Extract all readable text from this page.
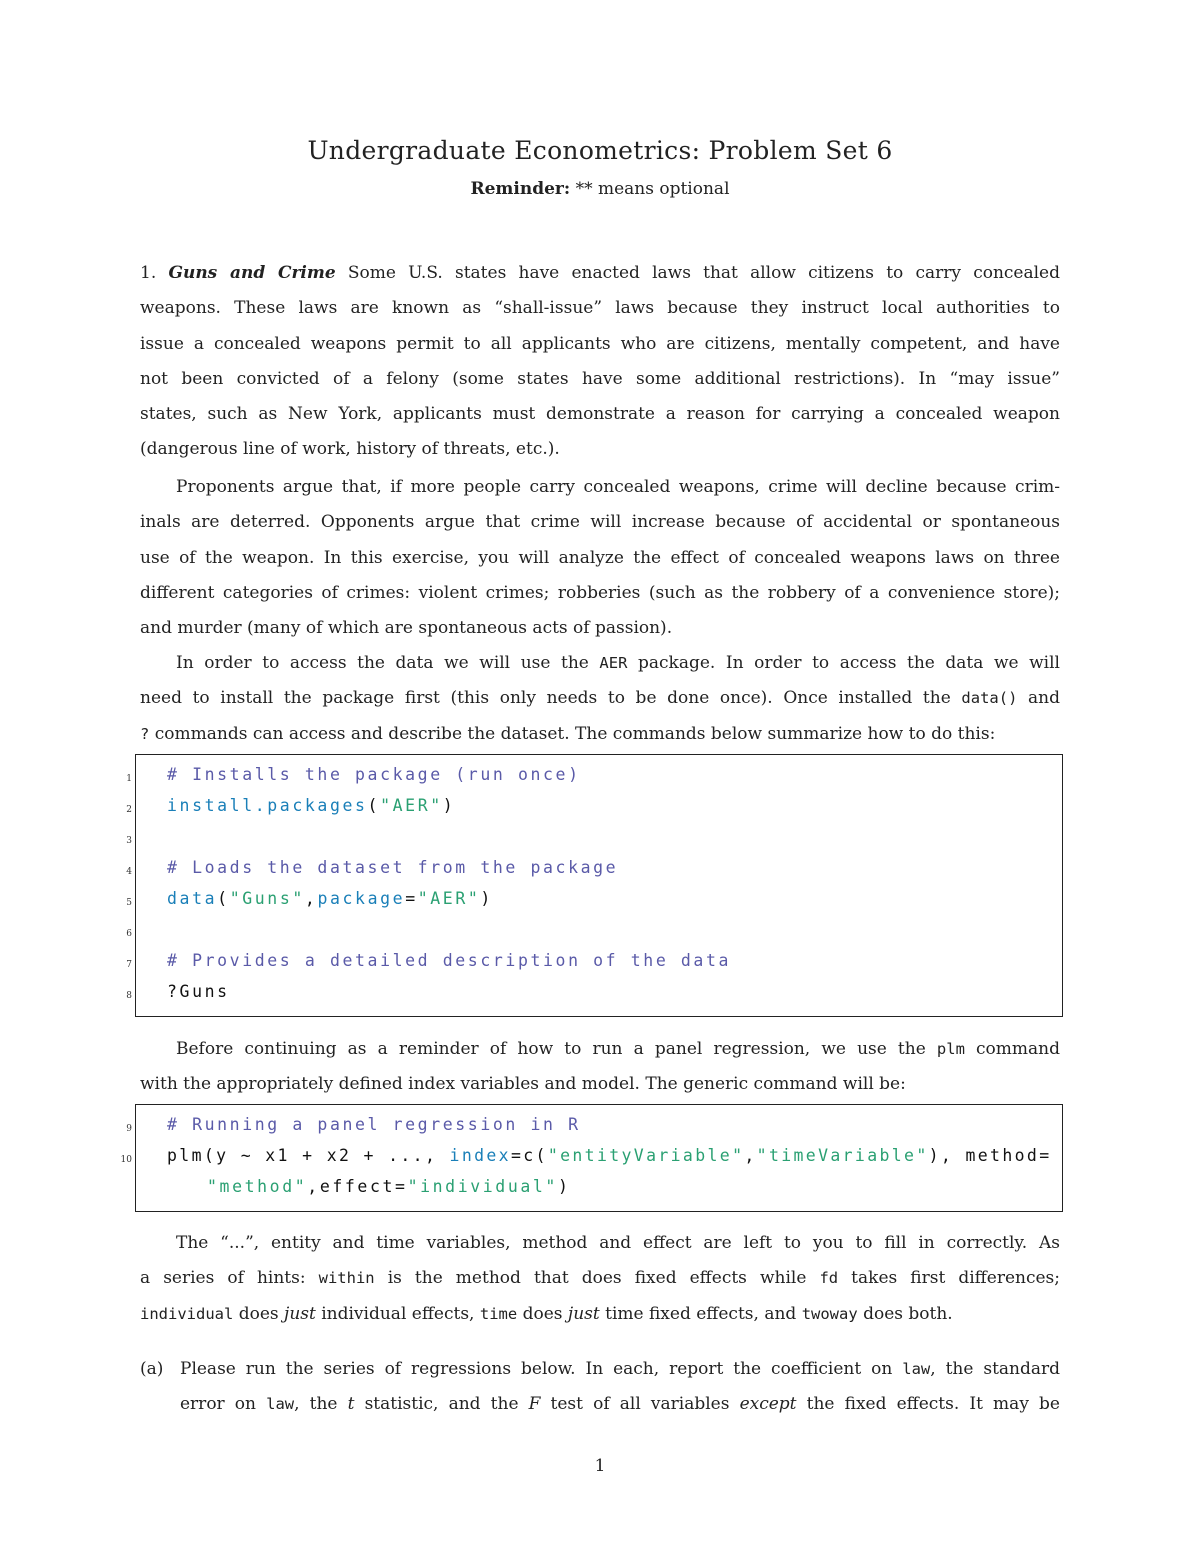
Undergraduate Econometrics: Problem Set 6
Reminder: ** means optional
1. Guns and Crime Some U.S. states have enacted laws that allow citizens to carry concealed
weapons. These laws are known as “shall-issue” laws because they instruct local authorities to
issue a concealed weapons permit to all applicants who are citizens, mentally competent, and have
not been convicted of a felony (some states have some additional restrictions). In “may issue”
states, such as New York, applicants must demonstrate a reason for carrying a concealed weapon
(dangerous line of work, history of threats, etc.).
Proponents argue that, if more people carry concealed weapons, crime will decline because crim-
inals are deterred. Opponents argue that crime will increase because of accidental or spontaneous
use of the weapon. In this exercise, you will analyze the effect of concealed weapons laws on three
different categories of crimes: violent crimes; robberies (such as the robbery of a convenience store);
and murder (many of which are spontaneous acts of passion).
In order to access the data we will use the AER package. In order to access the data we will
need to install the package first (this only needs to be done once). Once installed the data() and
? commands can access and describe the dataset. The commands below summarize how to do this:
1
2
3
4
5
6
7
8
# Installs the package (run once)
install.packages("AER")
# Loads the dataset from the package
data("Guns",package="AER")
# Provides a detailed description of the data
?Guns
Before continuing as a reminder of how to run a panel regression, we use the plm command
with the appropriately defined index variables and model. The generic command will be:
9
10
# Running a panel regression in R
plm(y ~ x1 + x2 + ..., index=c("entityVariable","timeVariable"), method=
"method",effect="individual")
The “...”, entity and time variables, method and effect are left to you to fill in correctly. As
a series of hints: within is the method that does fixed effects while fd takes first differences;
individual does just individual effects, time does just time fixed effects, and twoway does both.
(a) Please run the series of regressions below. In each, report the coefficient on law, the standard
error on law, the t statistic, and the F test of all variables except the fixed effects. It may be
1
